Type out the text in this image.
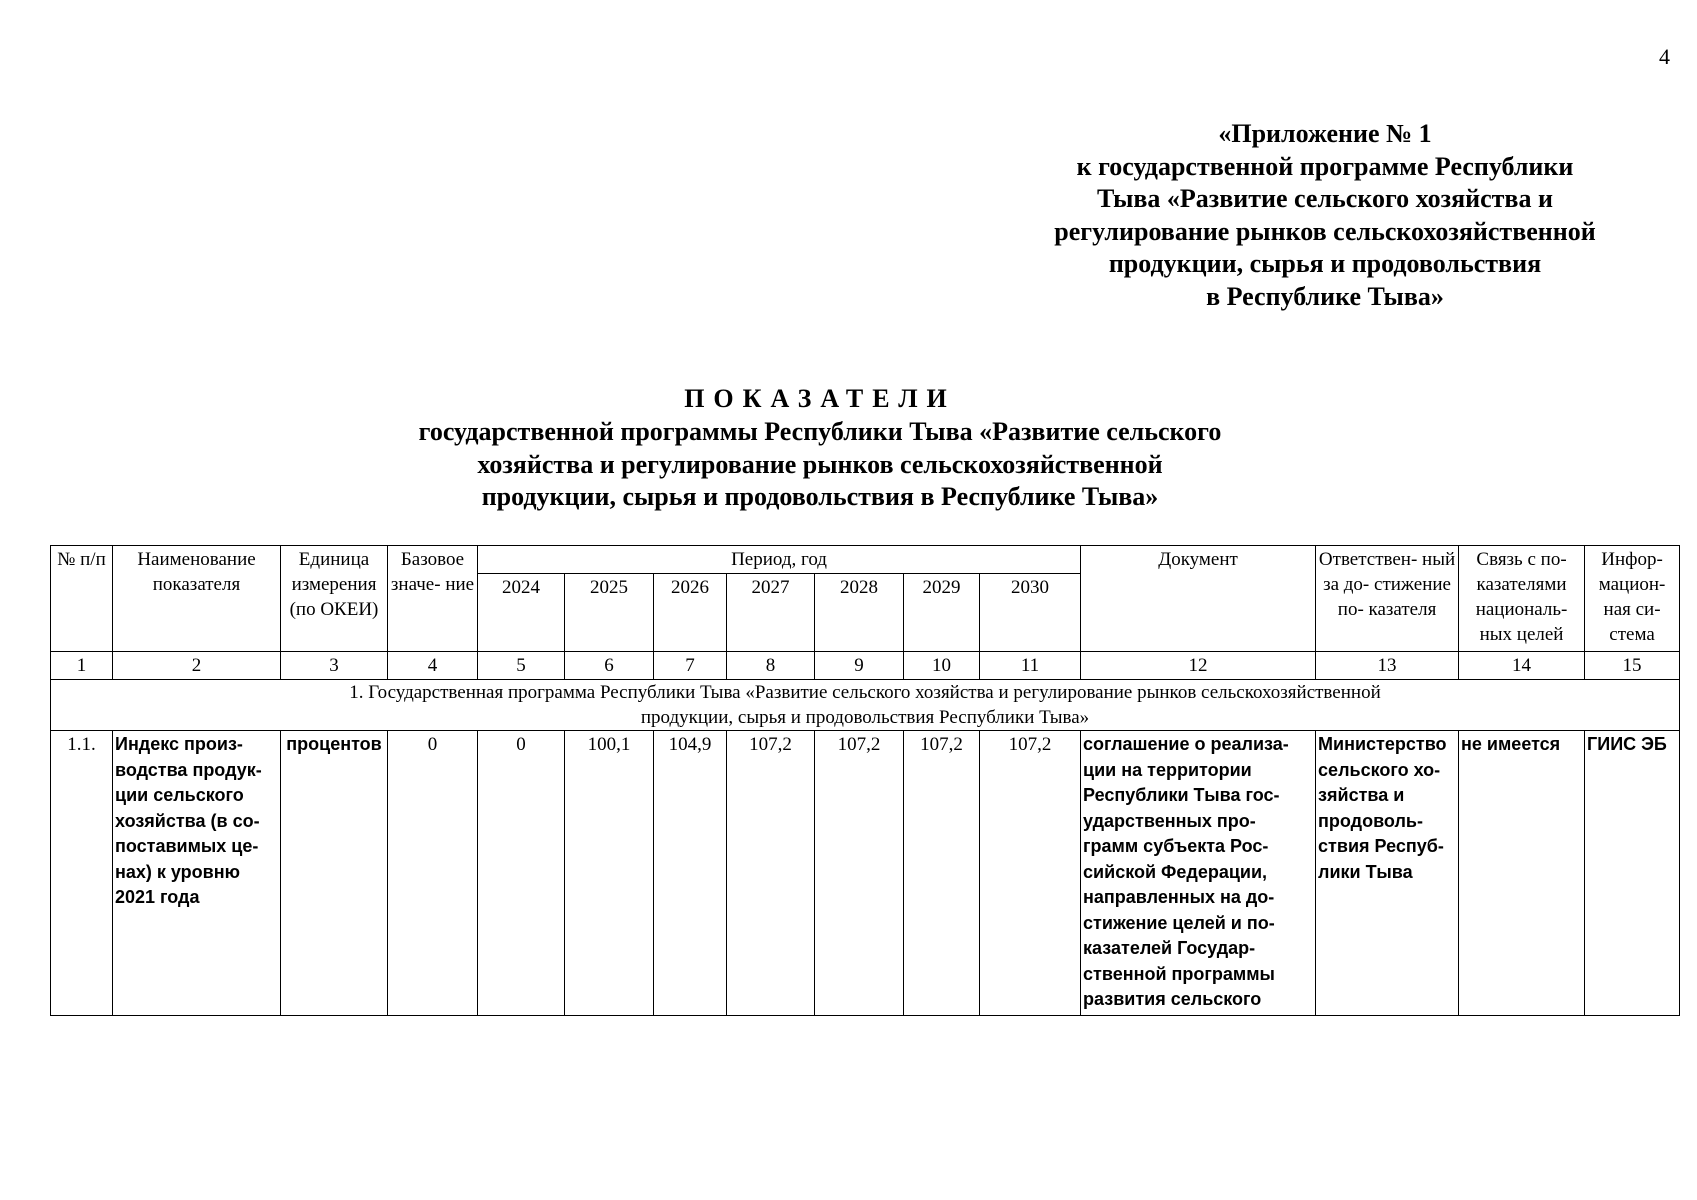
4
«Приложение № 1
к государственной программе Республики
Тыва «Развитие сельского хозяйства и
регулирование рынков сельскохозяйственной
продукции, сырья и продовольствия
в Республике Тыва»
ПОКАЗАТЕЛИ
государственной программы Республики Тыва «Развитие сельского
хозяйства и регулирование рынков сельскохозяйственной
продукции, сырья и продовольствия в Республике Тыва»
№ п/п	Наименование показателя	Единица измерения (по ОКЕИ)	Базовое значе- ние	Период, год							Документ	Ответствен- ный за до- стижение по- казателя	Связь с по- казателями националь- ных целей	Инфор- мацион- ная си- стема
				2024	2025	2026	2027	2028	2029	2030				
1	2	3	4	5	6	7	8	9	10	11	12	13	14	15
1. Государственная программа Республики Тыва «Развитие сельского хозяйства и регулирование рынков сельскохозяйственной продукции, сырья и продовольствия Республики Тыва»														
1.1.	Индекс произ- водства продук- ции сельского хозяйства (в со- поставимых це- нах) к уровню 2021 года	процентов	0	0	100,1	104,9	107,2	107,2	107,2	107,2	соглашение о реализа- ции на территории Республики Тыва гос- ударственных про- грамм субъекта Рос- сийской Федерации, направленных на до- стижение целей и по- казателей Государ- ственной программы развития сельского	Министерство сельского хо- зяйства и продоволь- ствия Респуб- лики Тыва	не имеется	ГИИС ЭБ
